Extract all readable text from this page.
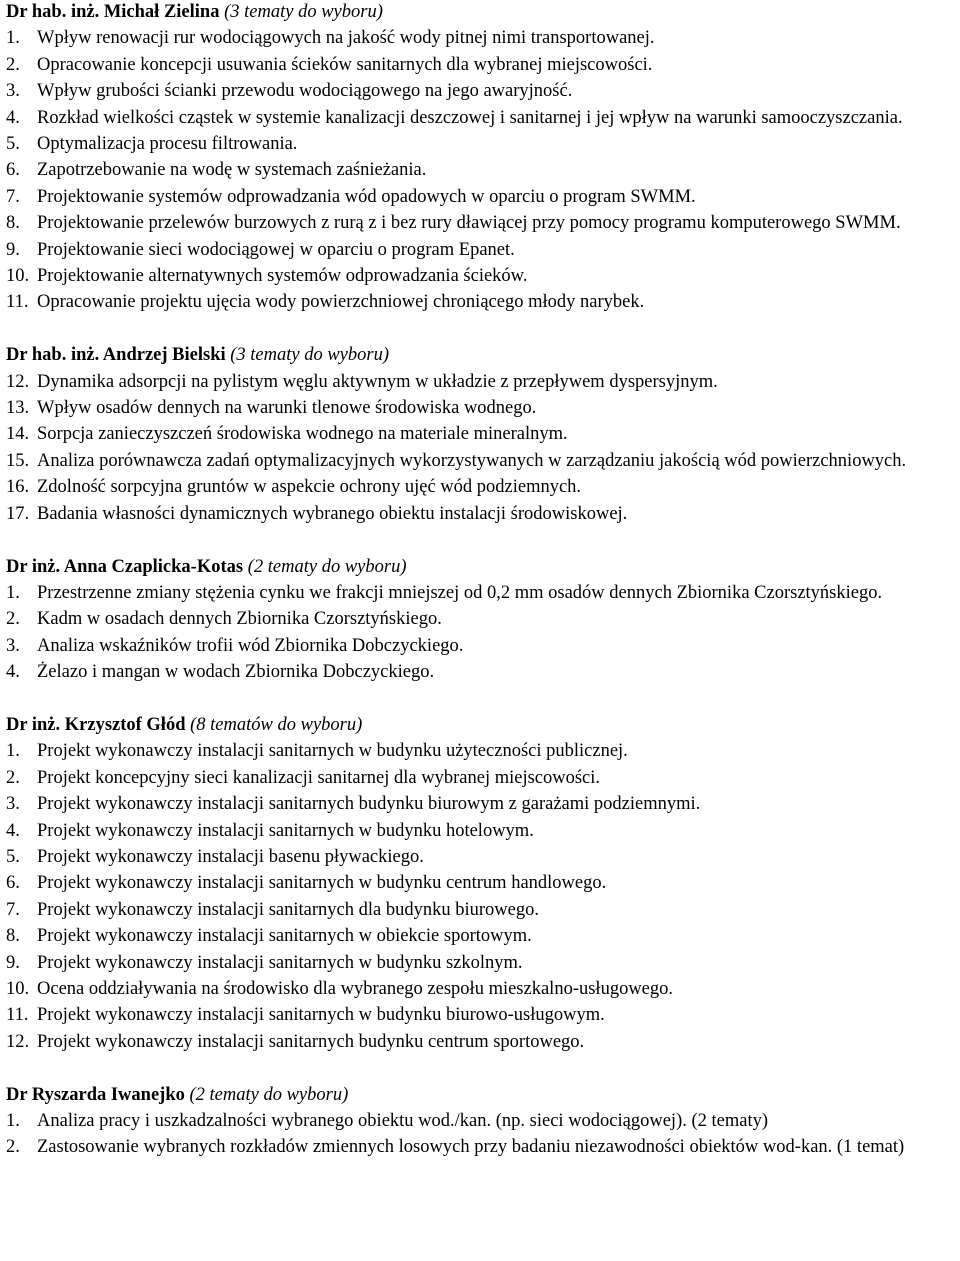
Dr hab. inż. Michał Zielina (3 tematy do wyboru)
1. Wpływ renowacji rur wodociągowych na jakość wody pitnej nimi transportowanej.
2. Opracowanie koncepcji usuwania ścieków sanitarnych dla wybranej miejscowości.
3. Wpływ grubości ścianki przewodu wodociągowego na jego awaryjność.
4. Rozkład wielkości cząstek w systemie kanalizacji deszczowej i sanitarnej i jej wpływ na warunki samooczyszczania.
5. Optymalizacja procesu filtrowania.
6. Zapotrzebowanie na wodę w systemach zaśnieżania.
7. Projektowanie systemów odprowadzania wód opadowych w oparciu o program SWMM.
8. Projektowanie przelewów burzowych z rurą z i bez rury dławiącej przy pomocy programu komputerowego SWMM.
9. Projektowanie sieci wodociągowej w oparciu o program Epanet.
10. Projektowanie alternatywnych systemów odprowadzania ścieków.
11. Opracowanie projektu ujęcia wody powierzchniowej chroniącego młody narybek.
Dr hab. inż. Andrzej Bielski (3 tematy do wyboru)
12. Dynamika adsorpcji na pylistym węglu aktywnym w układzie z przepływem dyspersyjnym.
13. Wpływ osadów dennych na warunki tlenowe środowiska wodnego.
14. Sorpcja zanieczyszczeń środowiska wodnego na materiale mineralnym.
15. Analiza porównawcza zadań optymalizacyjnych wykorzystywanych w zarządzaniu jakością wód powierzchniowych.
16. Zdolność sorpcyjna gruntów w aspekcie ochrony ujęć wód podziemnych.
17. Badania własności dynamicznych wybranego obiektu instalacji środowiskowej.
Dr inż. Anna Czaplicka-Kotas (2 tematy do wyboru)
1. Przestrzenne zmiany stężenia cynku we frakcji mniejszej od 0,2 mm osadów dennych Zbiornika Czorsztyńskiego.
2. Kadm w osadach dennych Zbiornika Czorsztyńskiego.
3. Analiza wskaźników trofii wód Zbiornika Dobczyckiego.
4. Żelazo i mangan w wodach Zbiornika Dobczyckiego.
Dr inż. Krzysztof Głód (8 tematów do wyboru)
1. Projekt wykonawczy instalacji sanitarnych w budynku użyteczności publicznej.
2. Projekt koncepcyjny sieci kanalizacji sanitarnej dla wybranej miejscowości.
3. Projekt wykonawczy instalacji sanitarnych budynku biurowym z garażami podziemnymi.
4. Projekt wykonawczy instalacji sanitarnych w budynku hotelowym.
5. Projekt wykonawczy instalacji basenu pływackiego.
6. Projekt wykonawczy instalacji sanitarnych w budynku centrum handlowego.
7. Projekt wykonawczy instalacji sanitarnych dla budynku biurowego.
8. Projekt wykonawczy instalacji sanitarnych w obiekcie sportowym.
9. Projekt wykonawczy instalacji sanitarnych w budynku szkolnym.
10. Ocena oddziaływania na środowisko dla wybranego zespołu mieszkalno-usługowego.
11. Projekt wykonawczy instalacji sanitarnych w budynku biurowo-usługowym.
12. Projekt wykonawczy instalacji sanitarnych budynku centrum sportowego.
Dr Ryszarda Iwanejko (2 tematy do wyboru)
1. Analiza pracy i uszkadzalności wybranego obiektu wod./kan. (np. sieci wodociągowej). (2 tematy)
2. Zastosowanie wybranych rozkładów zmiennych losowych przy badaniu niezawodności obiektów wod-kan. (1 temat)
